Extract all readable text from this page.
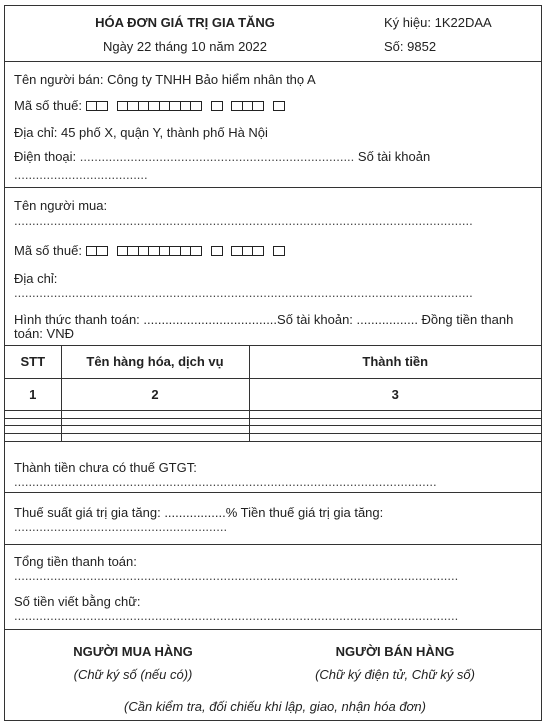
HÓA ĐƠN GIÁ TRỊ GIA TĂNG
Ngày 22 tháng 10 năm 2022
Ký hiệu: 1K22DAA
Số: 9852
Tên người bán: Công ty TNHH Bảo hiểm nhân thọ A
Mã số thuế:
Địa chỉ: 45 phố X, quận Y, thành phố Hà Nội
Điện thoại: ............................................................................ Số tài khoản
.....................................
Tên người mua:
...............................................................................................................................
Mã số thuế:
Địa chỉ:
...............................................................................................................................
Hình thức thanh toán: .....................................Số tài khoản: ................. Đồng tiền thanh
toán: VNĐ
STT	Tên hàng hóa, dịch vụ	Thành tiền
1	2	3

Thành tiền chưa có thuế GTGT:
.....................................................................................................................
Thuế suất giá trị gia tăng: .................% Tiền thuế giá trị gia tăng:
...........................................................
Tổng tiền thanh toán:
...........................................................................................................................
Số tiền viết bằng chữ:
...........................................................................................................................
NGƯỜI MUA HÀNG
(Chữ ký số (nếu có))
NGƯỜI BÁN HÀNG
(Chữ ký điện tử, Chữ ký số)
(Cần kiểm tra, đối chiếu khi lập, giao, nhận hóa đơn)
